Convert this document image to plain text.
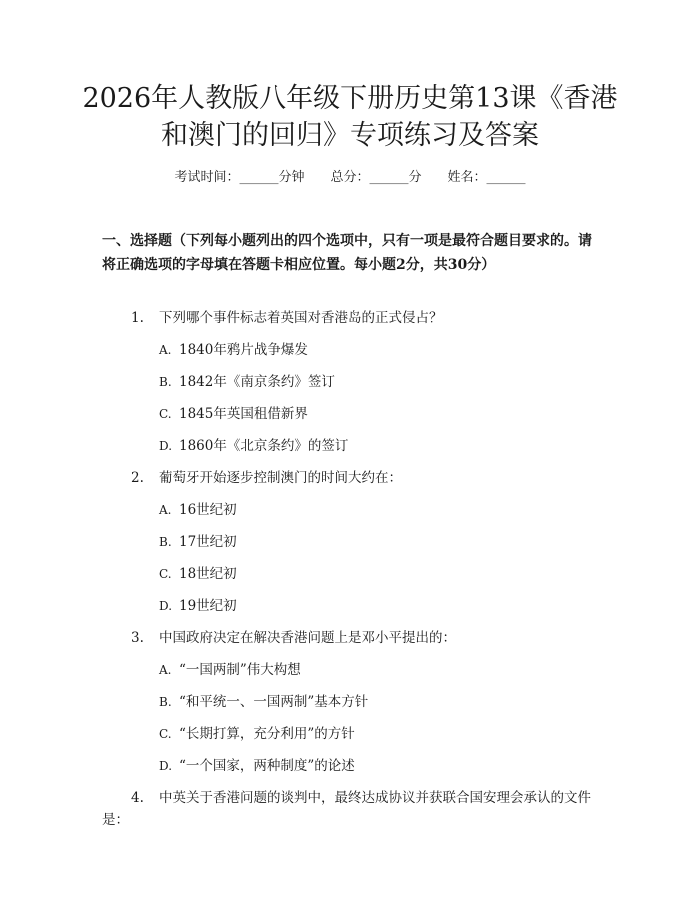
2026年人教版八年级下册历史第13课《香港和澳门的回归》专项练习及答案
考试时间：______分钟　　总分：______分　　姓名：______
一、选择题（下列每小题列出的四个选项中，只有一项是最符合题目要求的。请将正确选项的字母填在答题卡相应位置。每小题2分，共30分）
1. 下列哪个事件标志着英国对香港岛的正式侵占？
A. 1840年鸦片战争爆发
B. 1842年《南京条约》签订
C. 1845年英国租借新界
D. 1860年《北京条约》的签订
2. 葡萄牙开始逐步控制澳门的时间大约在：
A. 16世纪初
B. 17世纪初
C. 18世纪初
D. 19世纪初
3. 中国政府决定在解决香港问题上是邓小平提出的：
A. “一国两制”伟大构想
B. “和平统一、一国两制”基本方针
C. “长期打算，充分利用”的方针
D. “一个国家，两种制度”的论述
4.	中英关于香港问题的谈判中，最终达成协议并获联合国安理会承认的文件是：
